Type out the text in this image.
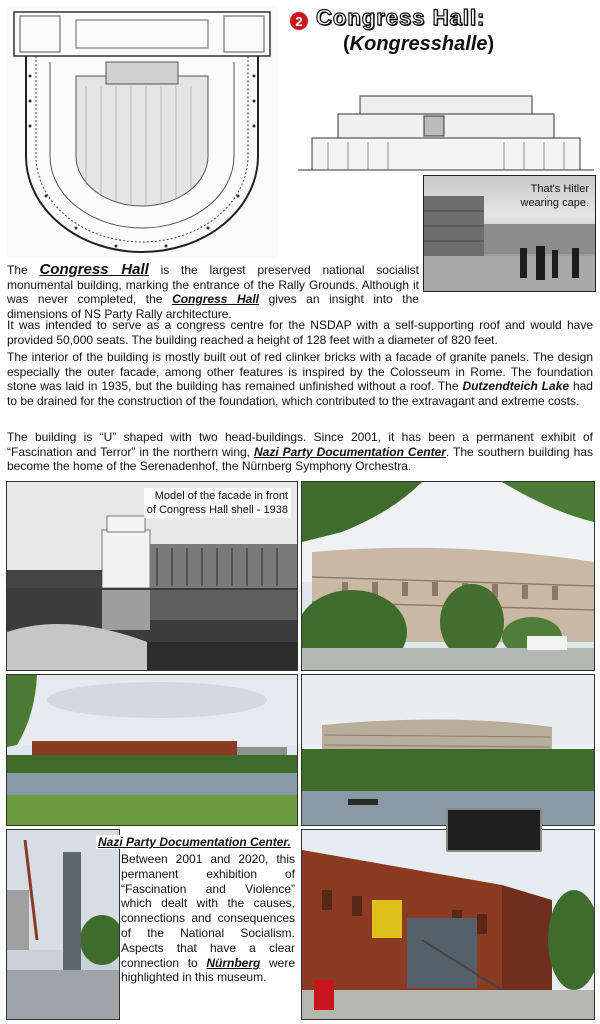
2 Congress Hall:
(Kongresshalle)
That's Hitler
wearing cape.
The Congress Hall is the largest preserved national socialist monumental building, marking the entrance of the Rally Grounds. Although it was never completed, the Congress Hall gives an insight into the dimensions of NS Party Rally architecture.
It was intended to serve as a congress centre for the NSDAP with a self-supporting roof and would have provided 50,000 seats. The building reached a height of 128 feet with a diameter of 820 feet.
The interior of the building is mostly built out of red clinker bricks with a facade of granite panels. The design especially the outer facade, among other features is inspired by the Colosseum in Rome. The foundation stone was laid in 1935, but the building has remained unfinished without a roof. The Dutzendteich Lake had to be drained for the construction of the foundation, which contributed to the extravagant and extreme costs.
The building is “U” shaped with two head-buildings. Since 2001, it has been a permanent exhibit of “Fascination and Terror” in the northern wing, Nazi Party Documentation Center. The southern building has become the home of the Serenadenhof, the Nürnberg Symphony Orchestra.
Model of the facade in front
of Congress Hall shell - 1938
Nazi Party Documentation Center.
Between 2001 and 2020, this permanent exhibition of “Fascination and Violence” which dealt with the causes, connections and consequences of the National Socialism. Aspects that have a clear connection to Nürnberg were highlighted in this museum.
